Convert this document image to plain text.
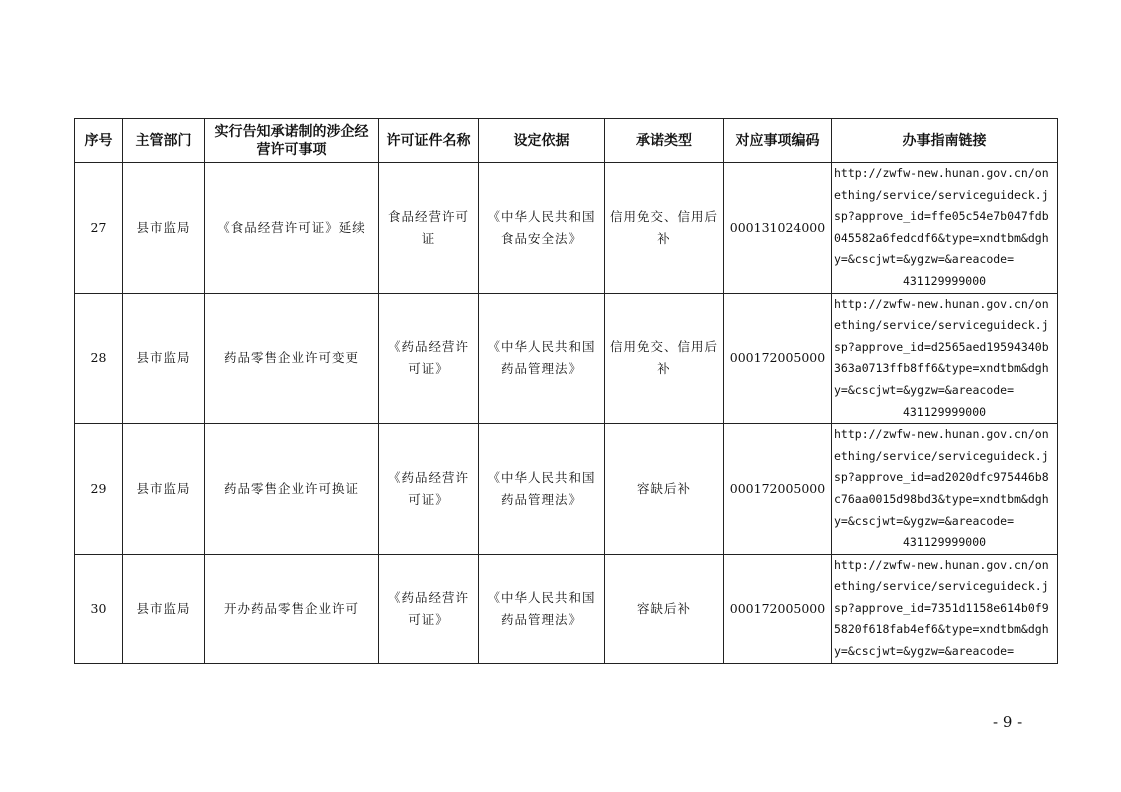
序号	主管部门	实行告知承诺制的涉企经营许可事项	许可证件名称	设定依据	承诺类型	对应事项编码	办事指南链接
27	县市监局	《食品经营许可证》延续	食品经营许可证	《中华人民共和国食品安全法》	信用免交、信用后补	000131024000	http://zwfw-new.hunan.gov.cn/onething/service/serviceguideck.jsp?approve_id=ffe05c54e7b047fdb045582a6fedcdf6&type=xndtbm&dghy=&cscjwt=&ygzw=&areacode=
431129999000

28	县市监局	药品零售企业许可变更	《药品经营许可证》	《中华人民共和国药品管理法》	信用免交、信用后补	000172005000	http://zwfw-new.hunan.gov.cn/onething/service/serviceguideck.jsp?approve_id=d2565aed19594340b363a0713ffb8ff6&type=xndtbm&dghy=&cscjwt=&ygzw=&areacode=
431129999000

29	县市监局	药品零售企业许可换证	《药品经营许可证》	《中华人民共和国药品管理法》	容缺后补	000172005000	http://zwfw-new.hunan.gov.cn/onething/service/serviceguideck.jsp?approve_id=ad2020dfc975446b8c76aa0015d98bd3&type=xndtbm&dghy=&cscjwt=&ygzw=&areacode=
431129999000

30	县市监局	开办药品零售企业许可	《药品经营许可证》	《中华人民共和国药品管理法》	容缺后补	000172005000	http://zwfw-new.hunan.gov.cn/onething/service/serviceguideck.jsp?approve_id=7351d1158e614b0f95820f618fab4ef6&type=xndtbm&dghy=&cscjwt=&ygzw=&areacode=
- 9 -
